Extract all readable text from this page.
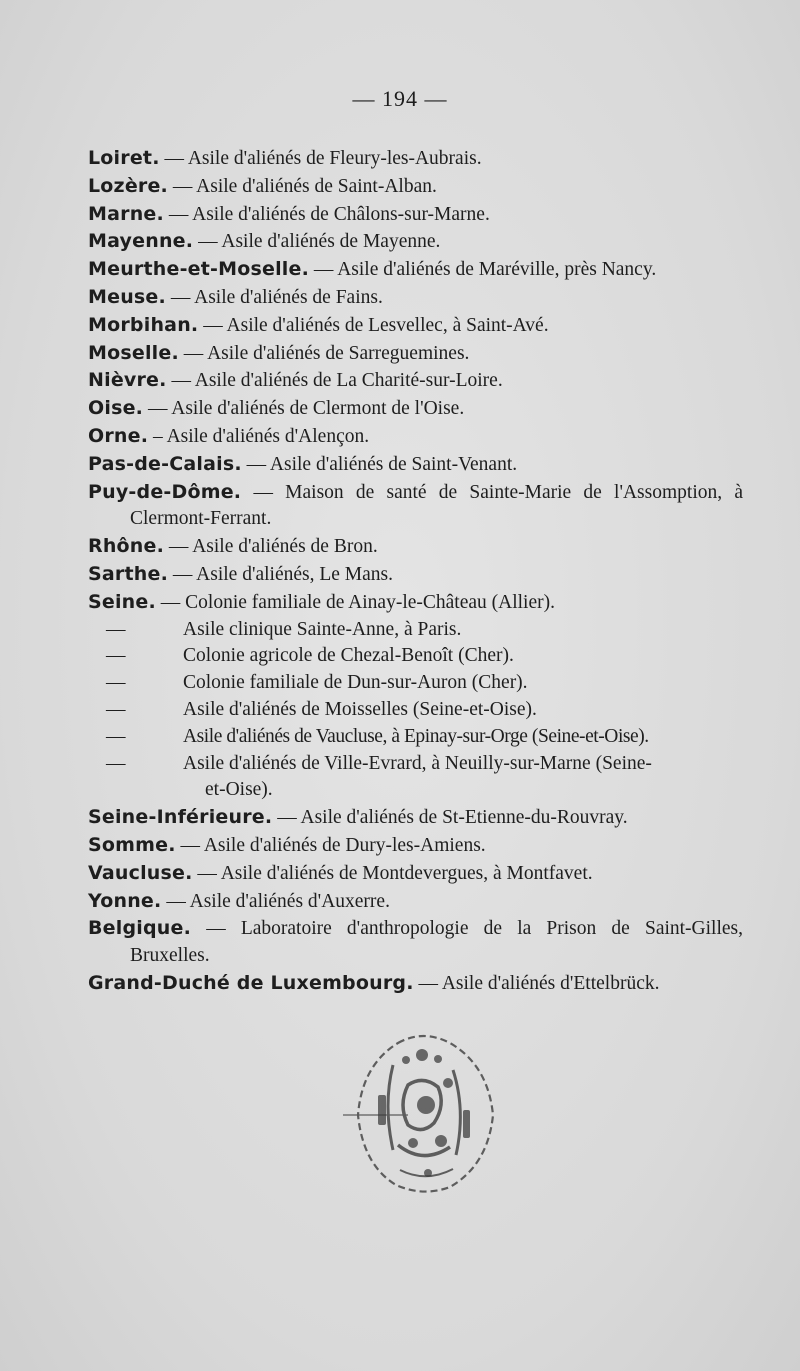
— 194 —

Loiret. — Asile d'aliénés de Fleury-les-Aubrais.

Lozère. — Asile d'aliénés de Saint-Alban.

Marne. — Asile d'aliénés de Châlons-sur-Marne.

Mayenne. — Asile d'aliénés de Mayenne.

Meurthe-et-Moselle. — Asile d'aliénés de Maréville, près Nancy.

Meuse. — Asile d'aliénés de Fains.

Morbihan. — Asile d'aliénés de Lesvellec, à Saint-Avé.

Moselle. — Asile d'aliénés de Sarreguemines.

Nièvre. — Asile d'aliénés de La Charité-sur-Loire.

Oise. — Asile d'aliénés de Clermont de l'Oise.

Orne. – Asile d'aliénés d'Alençon.

Pas-de-Calais. — Asile d'aliénés de Saint-Venant.

Puy-de-Dôme. — Maison de santé de Sainte-Marie de l'Assomption, à Clermont-Ferrant.

Rhône. — Asile d'aliénés de Bron.

Sarthe. — Asile d'aliénés, Le Mans.

Seine. — Colonie familiale de Ainay-le-Château (Allier).

—	Asile clinique Sainte-Anne, à Paris.

—	Colonie agricole de Chezal-Benoît (Cher).

—	Colonie familiale de Dun-sur-Auron (Cher).

—	Asile d'aliénés de Moisselles (Seine-et-Oise).

—	Asile d'aliénés de Vaucluse, à Epinay-sur-Orge (Seine-et-Oise).

—	Asile d'aliénés de Ville-Evrard, à Neuilly-sur-Marne (Seine-
et-Oise).

Seine-Inférieure. — Asile d'aliénés de St-Etienne-du-Rouvray.

Somme. — Asile d'aliénés de Dury-les-Amiens.

Vaucluse. — Asile d'aliénés de Montdevergues, à Montfavet.

Yonne. — Asile d'aliénés d'Auxerre.

Belgique. — Laboratoire d'anthropologie de la Prison de Saint-Gilles, Bruxelles.

Grand-Duché de Luxembourg. — Asile d'aliénés d'Ettelbrück.
